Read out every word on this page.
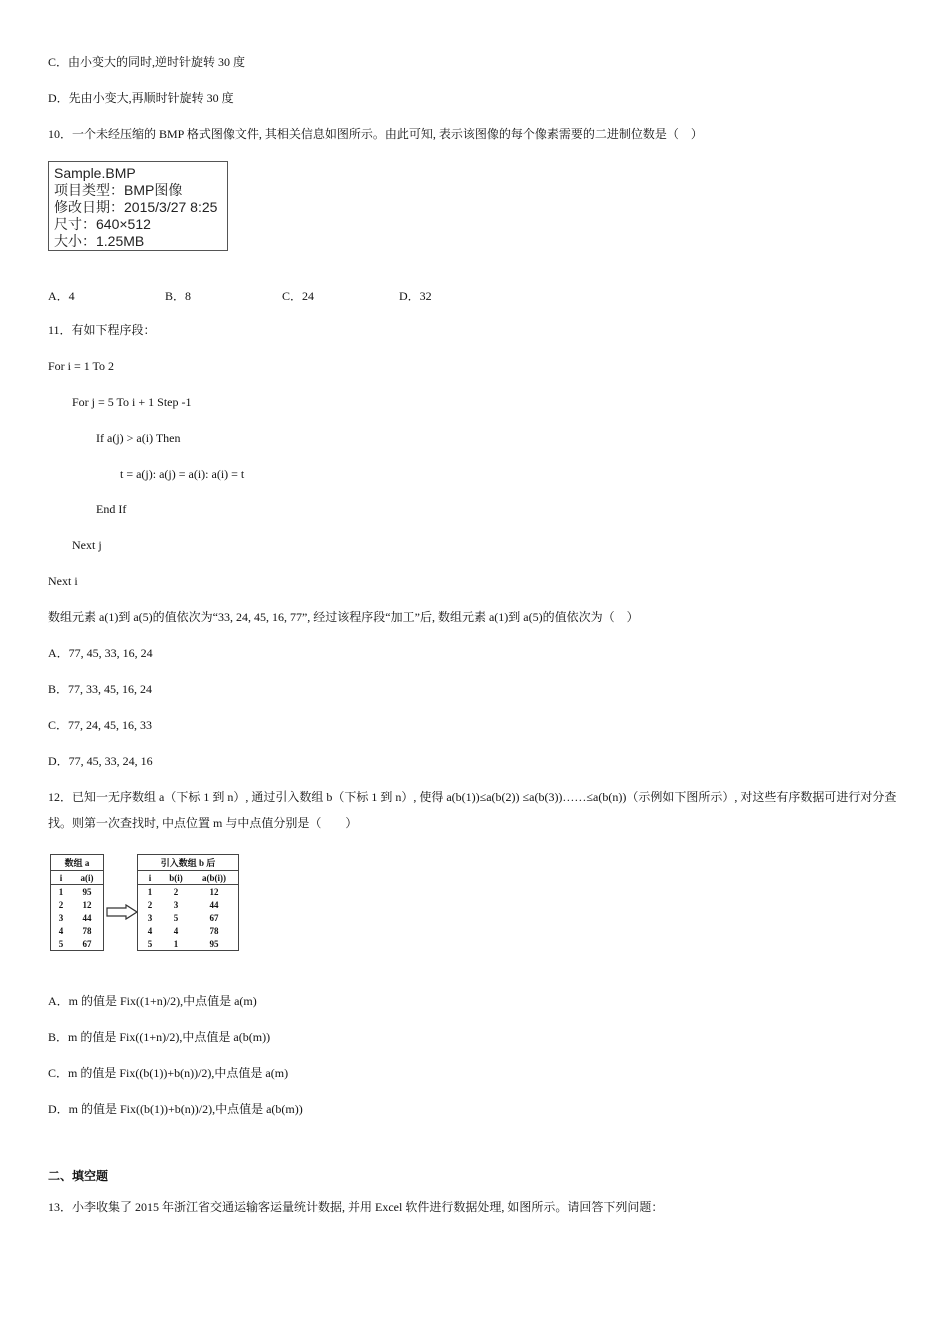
C．由小变大的同时,逆时针旋转 30 度
D．先由小变大,再顺时针旋转 30 度
10．一个未经压缩的 BMP 格式图像文件, 其相关信息如图所示。由此可知, 表示该图像的每个像素需要的二进制位数是（　）
Sample.BMP
项目类型：BMP图像
修改日期：2015/3/27 8:25
尺寸：640×512
大小：1.25MB
A．4	B．8	C．24	D．32
11．有如下程序段：
For i = 1 To 2
For j = 5 To i + 1 Step -1
If a(j) > a(i) Then
t = a(j): a(j) = a(i): a(i) = t
End If
Next j
Next i
数组元素 a(1)到 a(5)的值依次为“33, 24, 45, 16, 77”, 经过该程序段“加工”后, 数组元素 a(1)到 a(5)的值依次为（　）
A．77, 45, 33, 16, 24
B．77, 33, 45, 16, 24
C．77, 24, 45, 16, 33
D．77, 45, 33, 24, 16
12．已知一无序数组 a（下标 1 到 n）, 通过引入数组 b（下标 1 到 n）, 使得 a(b(1))≤a(b(2)) ≤a(b(3))……≤a(b(n))（示例如下图所示）, 对这些有序数据可进行对分查
找。则第一次查找时, 中点位置 m 与中点值分别是（　　）
数组 a	
i	a(i)
1	95
2	12
3	44
4	78
5	67
引入数组 b 后		
i	b(i)	a(b(i))
1	2	12
2	3	44
3	5	67
4	4	78
5	1	95
A．m 的值是 Fix((1+n)/2),中点值是 a(m)
B．m 的值是 Fix((1+n)/2),中点值是 a(b(m))
C．m 的值是 Fix((b(1))+b(n))/2),中点值是 a(m)
D．m 的值是 Fix((b(1))+b(n))/2),中点值是 a(b(m))
二、填空题
13．小李收集了 2015 年浙江省交通运输客运量统计数据, 并用 Excel 软件进行数据处理, 如图所示。请回答下列问题：
